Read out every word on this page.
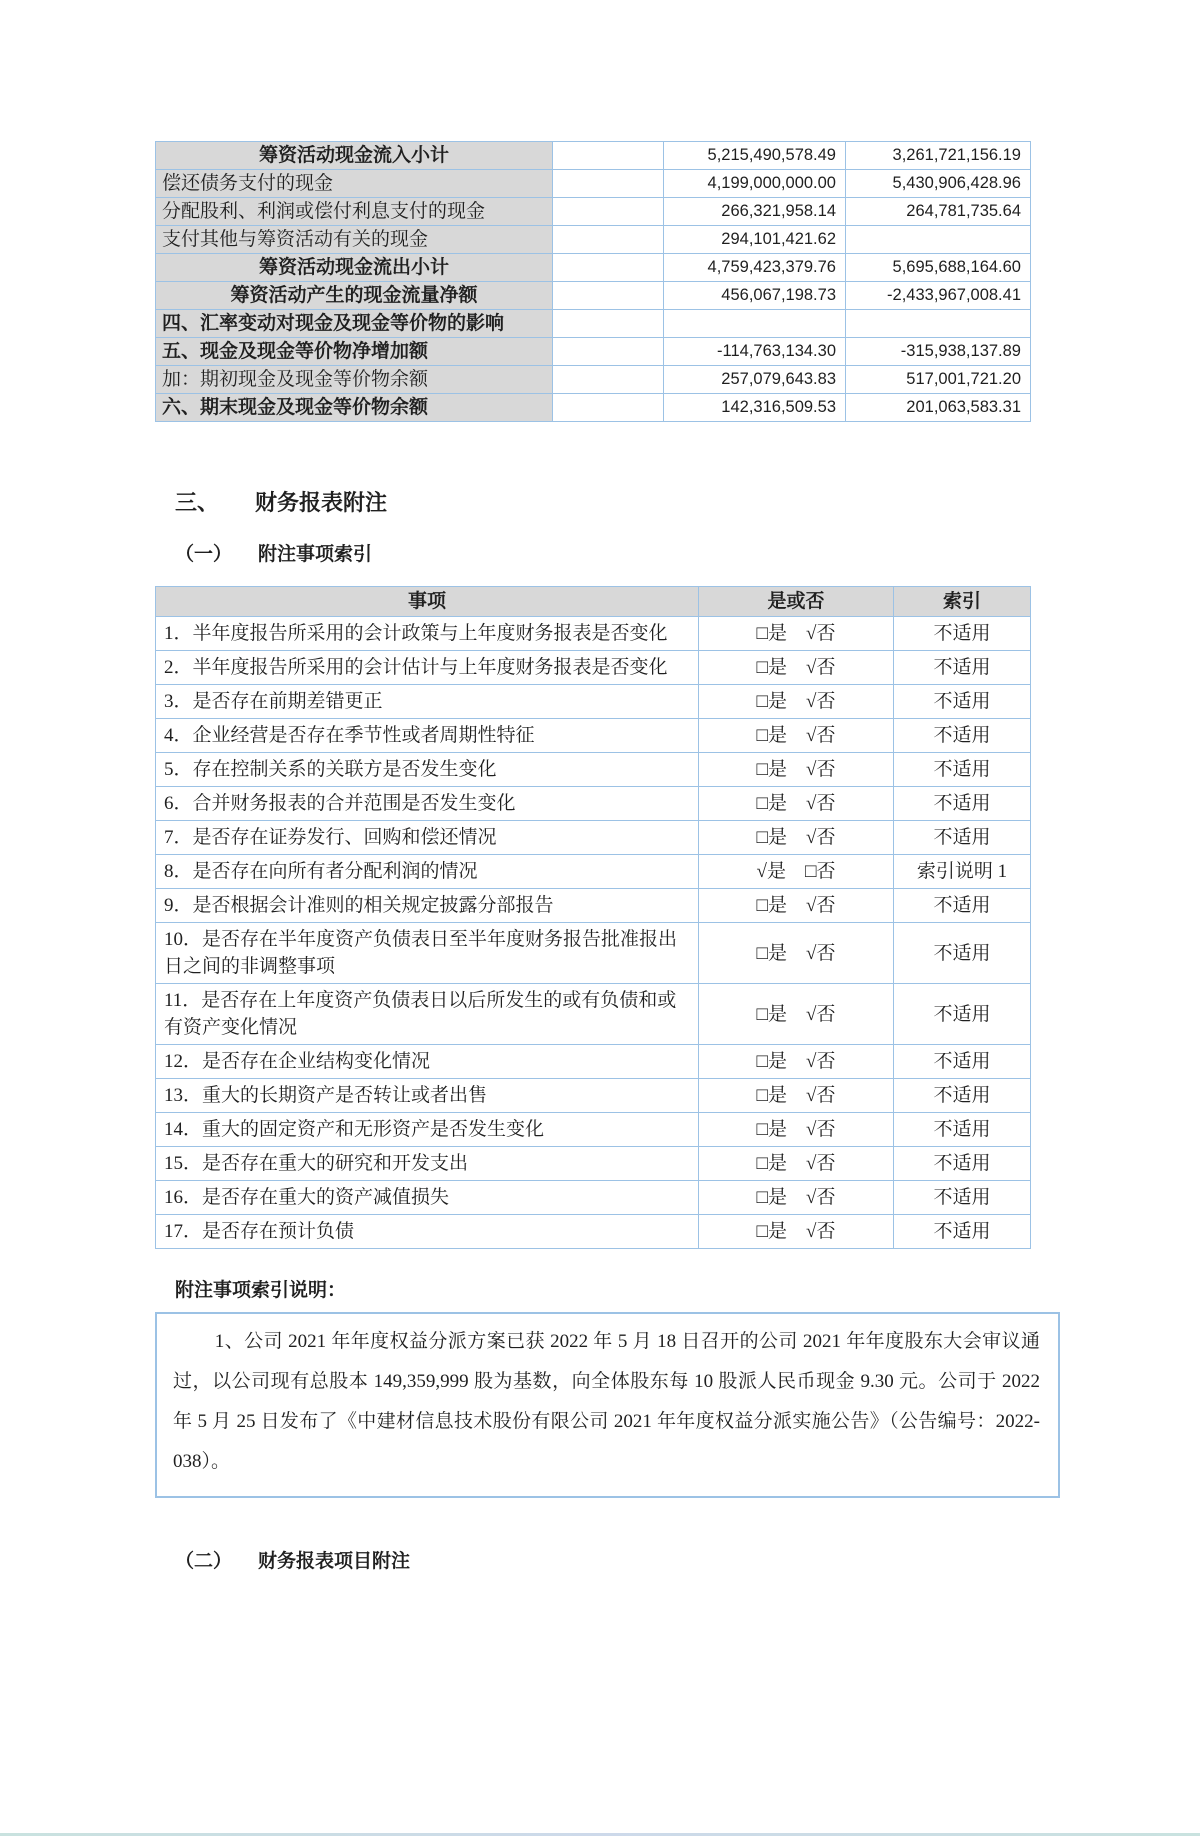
筹资活动现金流入小计		5,215,490,578.49	3,261,721,156.19
偿还债务支付的现金		4,199,000,000.00	5,430,906,428.96
分配股利、利润或偿付利息支付的现金		266,321,958.14	264,781,735.64
支付其他与筹资活动有关的现金		294,101,421.62	
筹资活动现金流出小计		4,759,423,379.76	5,695,688,164.60
筹资活动产生的现金流量净额		456,067,198.73	-2,433,967,008.41
四、汇率变动对现金及现金等价物的影响			
五、现金及现金等价物净增加额		-114,763,134.30	-315,938,137.89
加：期初现金及现金等价物余额		257,079,643.83	517,001,721.20
六、期末现金及现金等价物余额		142,316,509.53	201,063,583.31
三、 财务报表附注
（一） 附注事项索引
事项	是或否	索引
1．半年度报告所采用的会计政策与上年度财务报表是否变化	□是　√否	不适用
2．半年度报告所采用的会计估计与上年度财务报表是否变化	□是　√否	不适用
3．是否存在前期差错更正	□是　√否	不适用
4．企业经营是否存在季节性或者周期性特征	□是　√否	不适用
5．存在控制关系的关联方是否发生变化	□是　√否	不适用
6．合并财务报表的合并范围是否发生变化	□是　√否	不适用
7．是否存在证券发行、回购和偿还情况	□是　√否	不适用
8．是否存在向所有者分配利润的情况	√是　□否	索引说明 1
9．是否根据会计准则的相关规定披露分部报告	□是　√否	不适用
10．是否存在半年度资产负债表日至半年度财务报告批准报出日之间的非调整事项	□是　√否	不适用
11．是否存在上年度资产负债表日以后所发生的或有负债和或有资产变化情况	□是　√否	不适用
12．是否存在企业结构变化情况	□是　√否	不适用
13．重大的长期资产是否转让或者出售	□是　√否	不适用
14．重大的固定资产和无形资产是否发生变化	□是　√否	不适用
15．是否存在重大的研究和开发支出	□是　√否	不适用
16．是否存在重大的资产减值损失	□是　√否	不适用
17．是否存在预计负债	□是　√否	不适用
附注事项索引说明：

1、公司 2021 年年度权益分派方案已获 2022 年 5 月 18 日召开的公司 2021 年年度股东大会审议通过，以公司现有总股本 149,359,999 股为基数，向全体股东每 10 股派人民币现金 9.30 元。公司于 2022 年 5 月 25 日发布了《中建材信息技术股份有限公司 2021 年年度权益分派实施公告》（公告编号：2022-038）。

（二） 财务报表项目附注
